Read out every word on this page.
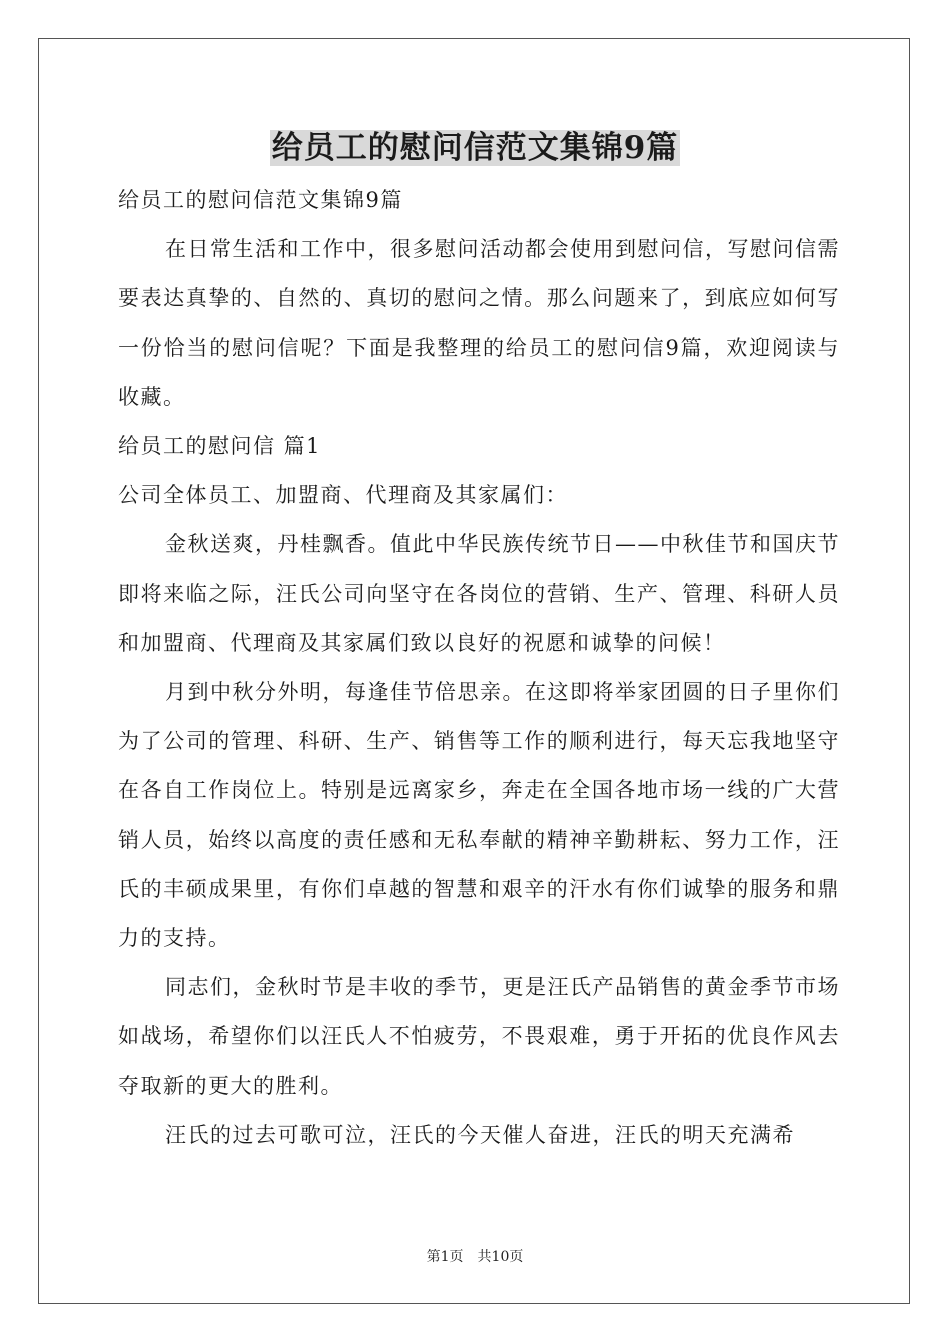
给员工的慰问信范文集锦9篇

给员工的慰问信范文集锦9篇

在日常生活和工作中，很多慰问活动都会使用到慰问信，写慰问信需要表达真挚的、自然的、真切的慰问之情。那么问题来了，到底应如何写一份恰当的慰问信呢？下面是我整理的给员工的慰问信9篇，欢迎阅读与收藏。

给员工的慰问信 篇1

公司全体员工、加盟商、代理商及其家属们：

金秋送爽，丹桂飘香。值此中华民族传统节日——中秋佳节和国庆节即将来临之际，汪氏公司向坚守在各岗位的营销、生产、管理、科研人员和加盟商、代理商及其家属们致以良好的祝愿和诚挚的问候！

月到中秋分外明，每逢佳节倍思亲。在这即将举家团圆的日子里你们为了公司的管理、科研、生产、销售等工作的顺利进行，每天忘我地坚守在各自工作岗位上。特别是远离家乡，奔走在全国各地市场一线的广大营销人员，始终以高度的责任感和无私奉献的精神辛勤耕耘、努力工作，汪氏的丰硕成果里，有你们卓越的智慧和艰辛的汗水有你们诚挚的服务和鼎力的支持。

同志们，金秋时节是丰收的季节，更是汪氏产品销售的黄金季节市场如战场，希望你们以汪氏人不怕疲劳，不畏艰难，勇于开拓的优良作风去夺取新的更大的胜利。

汪氏的过去可歌可泣，汪氏的今天催人奋进，汪氏的明天充满希

第1页 共10页
